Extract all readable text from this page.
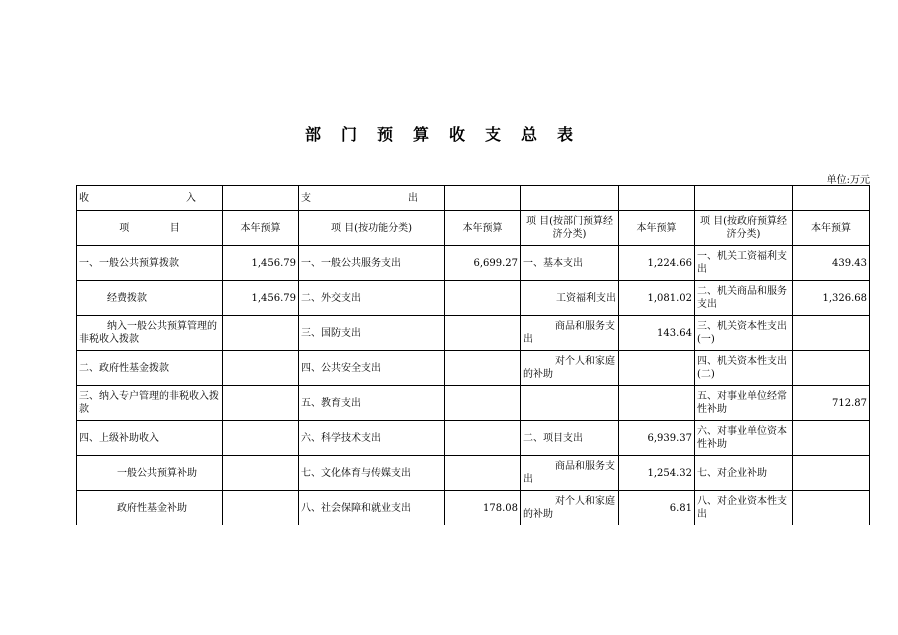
部门预算收支总表
单位:万元
收 入		支 出					

项 目	本年预算	项 目(按功能分类)	本年预算	项 目(按部门预算经济分类)	本年预算	项 目(按政府预算经济分类)	本年预算
一、一般公共预算拨款	1,456.79	一、一般公共服务支出	6,699.27	一、基本支出	1,224.66	一、机关工资福利支出	439.43
经费拨款	1,456.79	二、外交支出		工资福利支出	1,081.02	二、机关商品和服务支出	1,326.68
纳入一般公共预算管理的非税收入拨款		三、国防支出		商品和服务支出	143.64	三、机关资本性支出(一)	
二、政府性基金拨款		四、公共安全支出		对个人和家庭的补助		四、机关资本性支出(二)	
三、纳入专户管理的非税收入拨款		五、教育支出				五、对事业单位经常性补助	712.87
四、上级补助收入		六、科学技术支出		二、项目支出	6,939.37	六、对事业单位资本性补助	
一般公共预算补助		七、文化体育与传媒支出		商品和服务支出	1,254.32	七、对企业补助	
政府性基金补助		八、社会保障和就业支出	178.08	对个人和家庭的补助	6.81	八、对企业资本性支出	
